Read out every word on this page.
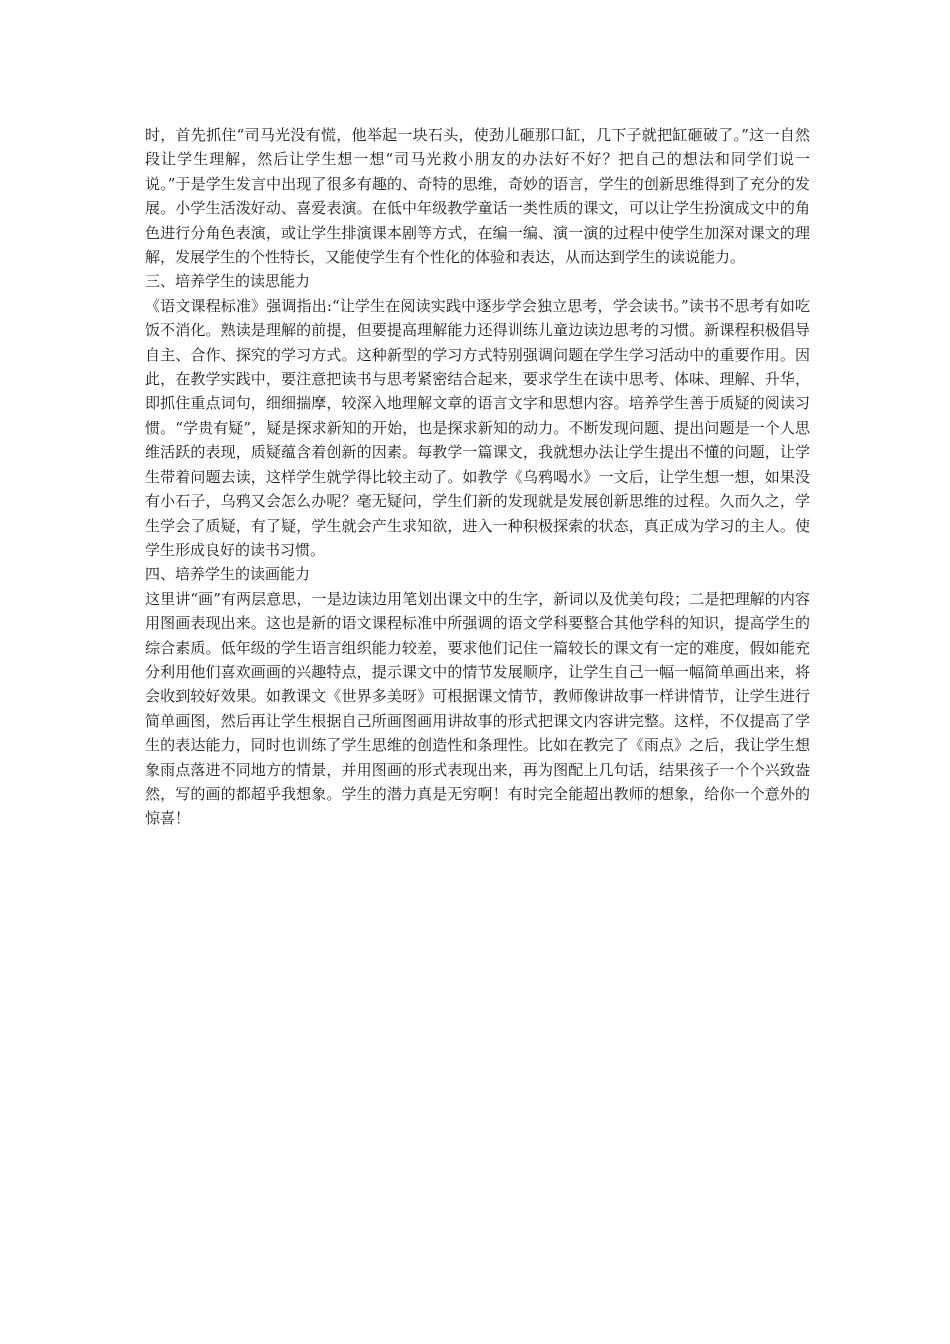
时，首先抓住“司马光没有慌，他举起一块石头，使劲儿砸那口缸，几下子就把缸砸破了。”这一自然段让学生理解，然后让学生想一想“司马光救小朋友的办法好不好？把自己的想法和同学们说一说。”于是学生发言中出现了很多有趣的、奇特的思维，奇妙的语言，学生的创新思维得到了充分的发展。小学生活泼好动、喜爱表演。在低中年级教学童话一类性质的课文，可以让学生扮演成文中的角色进行分角色表演，或让学生排演课本剧等方式，在编一编、演一演的过程中使学生加深对课文的理解，发展学生的个性特长，又能使学生有个性化的体验和表达，从而达到学生的读说能力。

三、培养学生的读思能力

《语文课程标准》强调指出:“让学生在阅读实践中逐步学会独立思考，学会读书。”读书不思考有如吃饭不消化。熟读是理解的前提，但要提高理解能力还得训练儿童边读边思考的习惯。新课程积极倡导自主、合作、探究的学习方式。这种新型的学习方式特别强调问题在学生学习活动中的重要作用。因此，在教学实践中，要注意把读书与思考紧密结合起来，要求学生在读中思考、体味、理解、升华，即抓住重点词句，细细揣摩，较深入地理解文章的语言文字和思想内容。培养学生善于质疑的阅读习惯。“学贵有疑”，疑是探求新知的开始，也是探求新知的动力。不断发现问题、提出问题是一个人思维活跃的表现，质疑蕴含着创新的因素。每教学一篇课文，我就想办法让学生提出不懂的问题，让学生带着问题去读，这样学生就学得比较主动了。如教学《乌鸦喝水》一文后，让学生想一想，如果没有小石子，乌鸦又会怎么办呢？毫无疑问，学生们新的发现就是发展创新思维的过程。久而久之，学生学会了质疑，有了疑，学生就会产生求知欲，进入一种积极探索的状态，真正成为学习的主人。使学生形成良好的读书习惯。

四、培养学生的读画能力

这里讲“画”有两层意思，一是边读边用笔划出课文中的生字，新词以及优美句段；二是把理解的内容用图画表现出来。这也是新的语文课程标准中所强调的语文学科要整合其他学科的知识，提高学生的综合素质。低年级的学生语言组织能力较差，要求他们记住一篇较长的课文有一定的难度，假如能充分利用他们喜欢画画的兴趣特点，提示课文中的情节发展顺序，让学生自己一幅一幅简单画出来，将会收到较好效果。如教课文《世界多美呀》可根据课文情节，教师像讲故事一样讲情节，让学生进行简单画图，然后再让学生根据自己所画图画用讲故事的形式把课文内容讲完整。这样，不仅提高了学生的表达能力，同时也训练了学生思维的创造性和条理性。比如在教完了《雨点》之后，我让学生想象雨点落进不同地方的情景，并用图画的形式表现出来，再为图配上几句话，结果孩子一个个兴致盎然，写的画的都超乎我想象。学生的潜力真是无穷啊！有时完全能超出教师的想象，给你一个意外的惊喜！
